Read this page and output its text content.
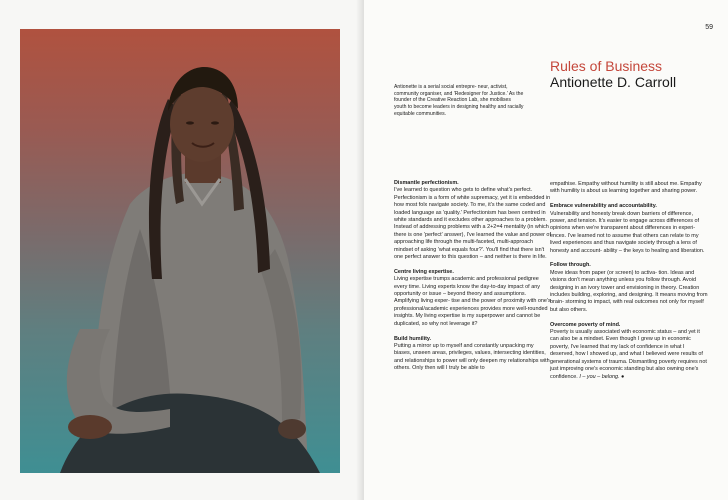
59
Rules of Business
Antionette D. Carroll
Antionette is a serial social entrepre- neur, activist, community organiser, and 'Redesigner for Justice.' As the founder of the Creative Reaction Lab, she mobilises youth to become leaders in designing healthy and racially equitable communities.

Dismantle perfectionism.
I've learned to question who gets to define what's perfect. Perfectionism is a form of white supremacy, yet it is embedded in how most folx navigate society. To me, it's the same coded and loaded language as 'quality.' Perfectionism has been centred in white standards and it excludes other approaches to a problem. Instead of addressing problems with a 2+2=4 mentality (in which there is one 'perfect' answer), I've learned the value and power of approaching life through the multi-faceted, multi-approach mindset of asking 'what equals four?'. You'll find that there isn't one perfect answer to this question – and neither is there in life.

Centre living expertise.
Living expertise trumps academic and professional pedigree every time. Living experts know the day-to-day impact of any opportunity or issue – beyond theory and assumptions. Amplifying living exper- tise and the power of proximity with one's professional/academic experiences provides more well-rounded insights. My living expertise is my superpower and cannot be duplicated, so why not leverage it?

Build humility.
Putting a mirror up to myself and constantly unpacking my biases, unseen areas, privileges, values, intersecting identities, and relationships to power will only deepen my relationships with others. Only then will I truly be able to

empathise. Empathy without humility is still about me. Empathy with humility is about us learning together and sharing power.

Embrace vulnerability and accountability.
Vulnerability and honesty break down barriers of difference, power, and tension. It's easier to engage across differences of opinions when we're transparent about differences in experi- ences. I've learned not to assume that others can relate to my lived experiences and thus navigate society through a lens of honesty and account- ability – the keys to healing and liberation.

Follow through.
Move ideas from paper (or screen) to activa- tion. Ideas and visions don't mean anything unless you follow through. Avoid designing in an ivory tower and envisioning in theory. Creation includes building, exploring, and designing. It means moving from brain- storming to impact, with real outcomes not only for myself but also others.

Overcome poverty of mind.
Poverty is usually associated with economic status – and yet it can also be a mindset. Even though I grew up in economic poverty, I've learned that my lack of confidence in what I deserved, how I showed up, and what I believed were results of generational systems of trauma. Dismantling poverty requires not just improving one's economic standing but also owning one's confidence. I – you – belong. ●
